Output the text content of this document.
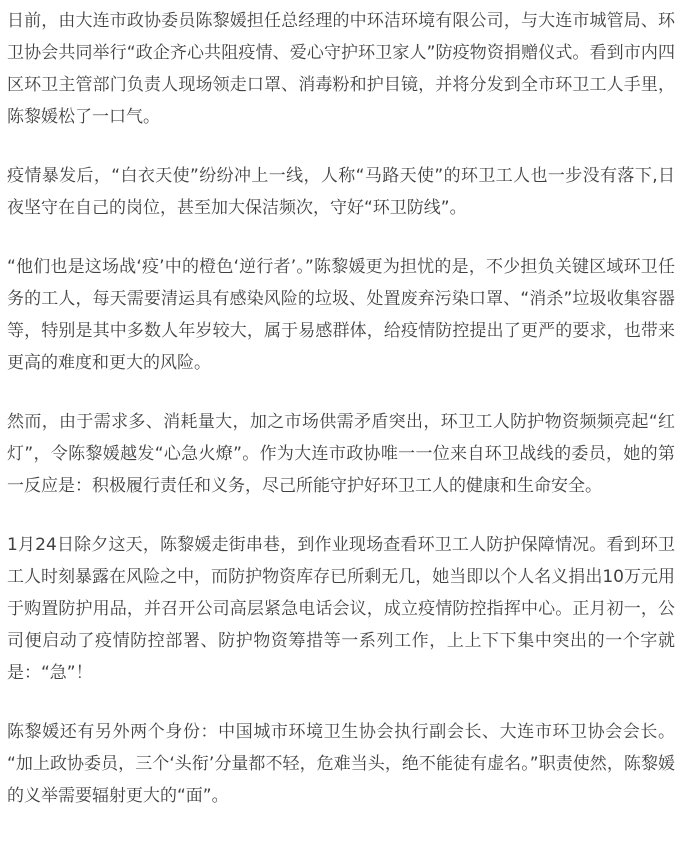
日前，由大连市政协委员陈黎媛担任总经理的中环洁环境有限公司，与大连市城管局、环卫协会共同举行“政企齐心共阻疫情、爱心守护环卫家人”防疫物资捐赠仪式。看到市内四区环卫主管部门负责人现场领走口罩、消毒粉和护目镜，并将分发到全市环卫工人手里，陈黎媛松了一口气。

疫情暴发后，“白衣天使”纷纷冲上一线，人称“马路天使”的环卫工人也一步没有落下,日夜坚守在自己的岗位，甚至加大保洁频次，守好“环卫防线”。

“他们也是这场战‘疫’中的橙色‘逆行者’。”陈黎媛更为担忧的是，不少担负关键区域环卫任务的工人，每天需要清运具有感染风险的垃圾、处置废弃污染口罩、“消杀”垃圾收集容器等，特别是其中多数人年岁较大，属于易感群体，给疫情防控提出了更严的要求，也带来更高的难度和更大的风险。

然而，由于需求多、消耗量大，加之市场供需矛盾突出，环卫工人防护物资频频亮起“红灯”，令陈黎媛越发“心急火燎”。作为大连市政协唯一一位来自环卫战线的委员，她的第一反应是：积极履行责任和义务，尽己所能守护好环卫工人的健康和生命安全。

1月24日除夕这天，陈黎媛走街串巷，到作业现场查看环卫工人防护保障情况。看到环卫工人时刻暴露在风险之中，而防护物资库存已所剩无几，她当即以个人名义捐出10万元用于购置防护用品，并召开公司高层紧急电话会议，成立疫情防控指挥中心。正月初一，公司便启动了疫情防控部署、防护物资筹措等一系列工作，上上下下集中突出的一个字就是：“急”！

陈黎媛还有另外两个身份：中国城市环境卫生协会执行副会长、大连市环卫协会会长。“加上政协委员，三个‘头衔’分量都不轻，危难当头，绝不能徒有虚名。”职责使然，陈黎媛的义举需要辐射更大的“面”。
